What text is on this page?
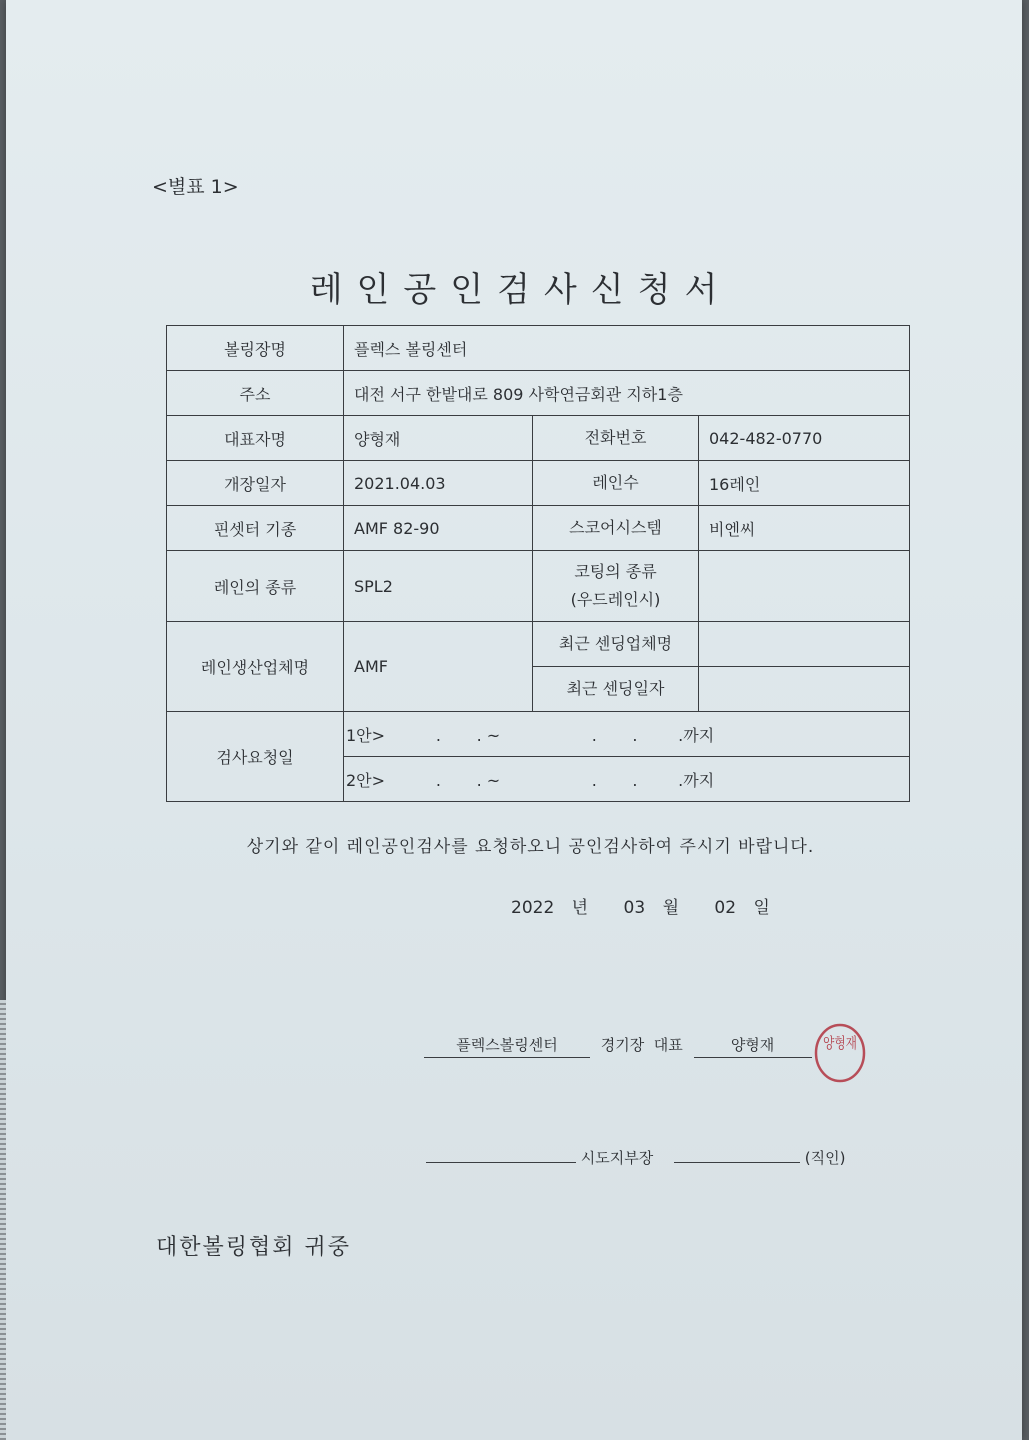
<별표 1>
레인공인검사신청서
볼링장명	플렉스 볼링센터		
주소	대전 서구 한밭대로 809 사학연금회관 지하1층		
대표자명	양형재	전화번호	042-482-0770
개장일자	2021.04.03	레인수	16레인
핀셋터 기종	AMF 82-90	스코어시스템	비엔씨
레인의 종류	SPL2	코팅의 종류
(우드레인시)	

레인생산업체명	AMF	최근 센딩업체명	
		최근 센딩일자	
검사요청일	1안>          .       . ~                  .       .        .까지		
	2안>          .       . ~                  .       .        .까지		
상기와 같이 레인공인검사를 요청하오니 공인검사하여 주시기 바랍니다.
2022 년 03 월 02 일
플렉스볼링센터	경기장  대표	양형재	양형재
시도지부장	(직인)
대한볼링협회 귀중
